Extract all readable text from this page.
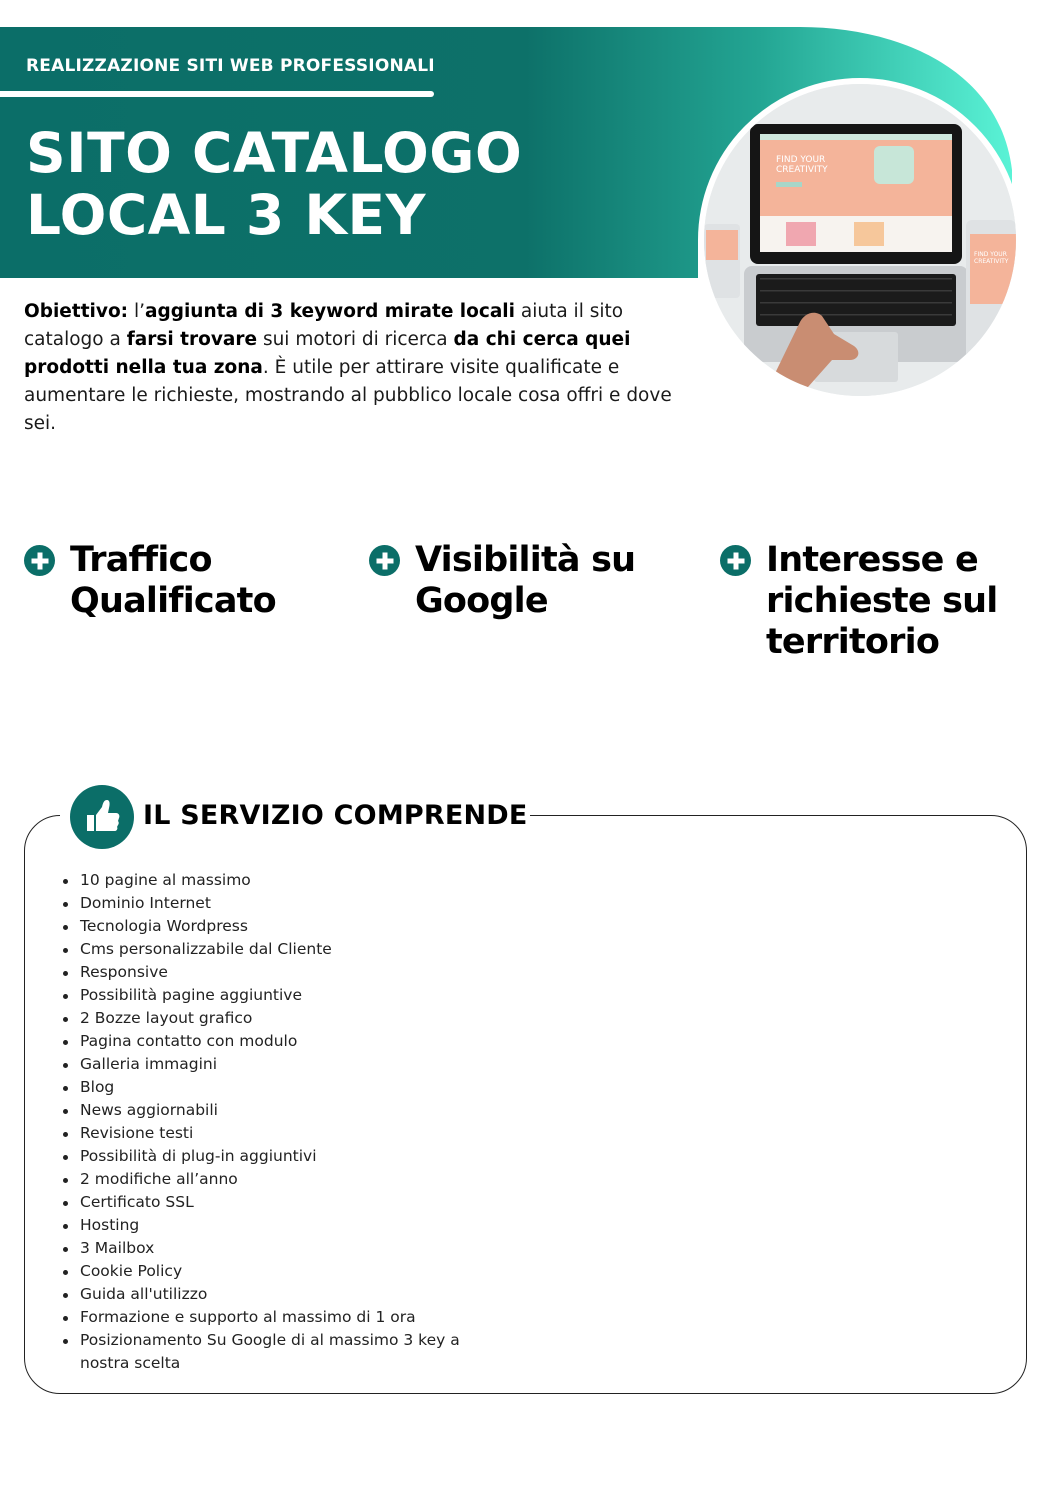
REALIZZAZIONE SITI WEB PROFESSIONALI
SITO CATALOGO
LOCAL 3 KEY
FIND YOUR
CREATIVITY
FIND YOUR
CREATIVITY

Obiettivo: l’aggiunta di 3 keyword mirate locali aiuta il sito catalogo a farsi trovare sui motori di ricerca da chi cerca quei prodotti nella tua zona. È utile per attirare visite qualificate e aumentare le richieste, mostrando al pubblico locale cosa offri e dove sei.

Traffico Qualificato
Visibilità su Google
Interesse e richieste sul territorio
IL SERVIZIO COMPRENDE
10 pagine al massimo
Dominio Internet
Tecnologia Wordpress
Cms personalizzabile dal Cliente
Responsive
Possibilità pagine aggiuntive
2 Bozze layout grafico
Pagina contatto con modulo
Galleria immagini
Blog
News aggiornabili
Revisione testi
Possibilità di plug-in aggiuntivi
2 modifiche all’anno
Certificato SSL
Hosting
3 Mailbox
Cookie Policy
Guida all'utilizzo
Formazione e supporto al massimo di 1 ora
Posizionamento Su Google di al massimo 3 key a nostra scelta
